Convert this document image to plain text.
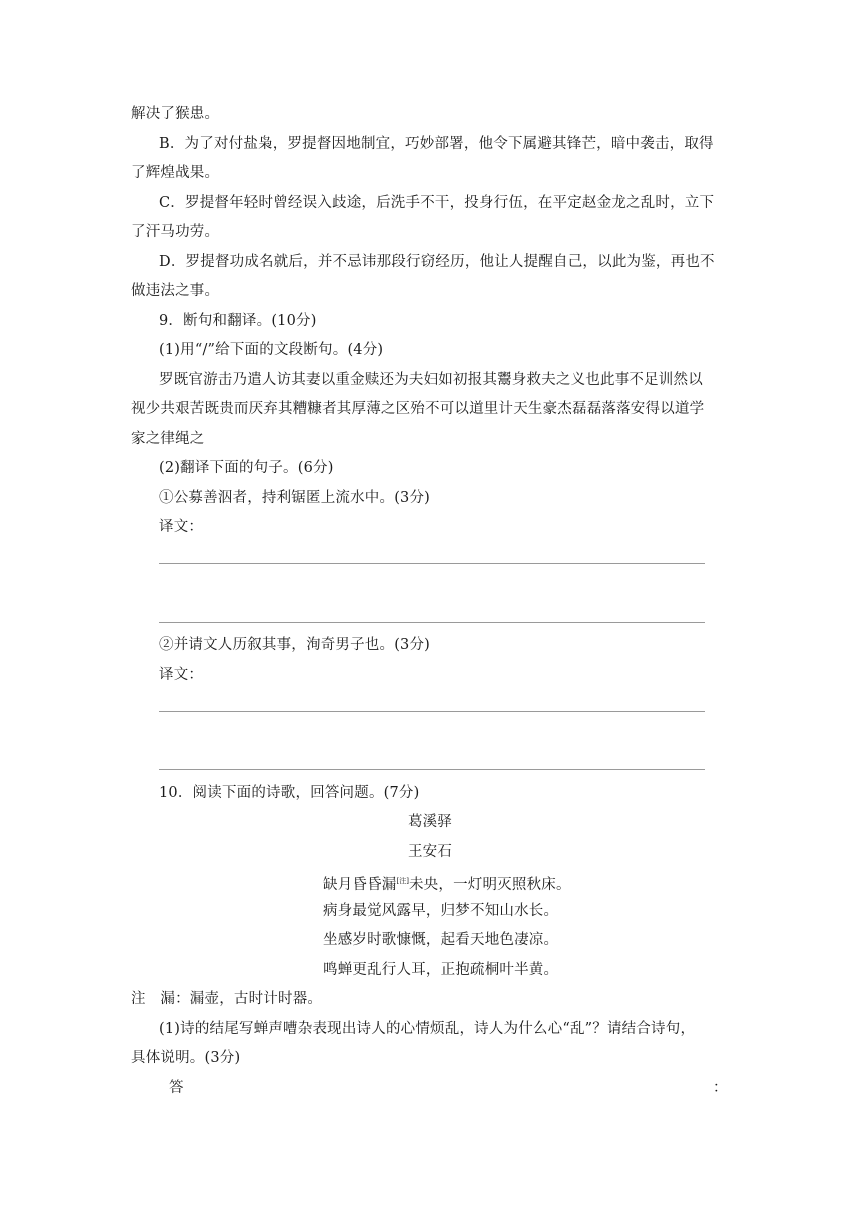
解决了猴患。
B．为了对付盐枭，罗提督因地制宜，巧妙部署，他令下属避其锋芒，暗中袭击，取得
了辉煌战果。
C．罗提督年轻时曾经误入歧途，后洗手不干，投身行伍，在平定赵金龙之乱时，立下
了汗马功劳。
D．罗提督功成名就后，并不忌讳那段行窃经历，他让人提醒自己，以此为鉴，再也不
做违法之事。
9．断句和翻译。(10分)
(1)用“/”给下面的文段断句。(4分)
罗既官游击乃遣人访其妻以重金赎还为夫妇如初报其鬻身救夫之义也此事不足训然以
视少共艰苦既贵而厌弃其糟糠者其厚薄之区殆不可以道里计天生豪杰磊磊落落安得以道学
家之律绳之
(2)翻译下面的句子。(6分)
①公募善泅者，持利锯匿上流水中。(3分)
译文：
②并请文人历叙其事，洵奇男子也。(3分)
译文：
10．阅读下面的诗歌，回答问题。(7分)
葛溪驿
王安石
缺月昏昏漏[注]未央，一灯明灭照秋床。
病身最觉风露早，归梦不知山水长。
坐感岁时歌慷慨，起看天地色凄凉。
鸣蝉更乱行人耳，正抱疏桐叶半黄。
注　漏：漏壶，古时计时器。
(1)诗的结尾写蝉声嘈杂表现出诗人的心情烦乱，诗人为什么心“乱”？请结合诗句，
具体说明。(3分)
答	：
